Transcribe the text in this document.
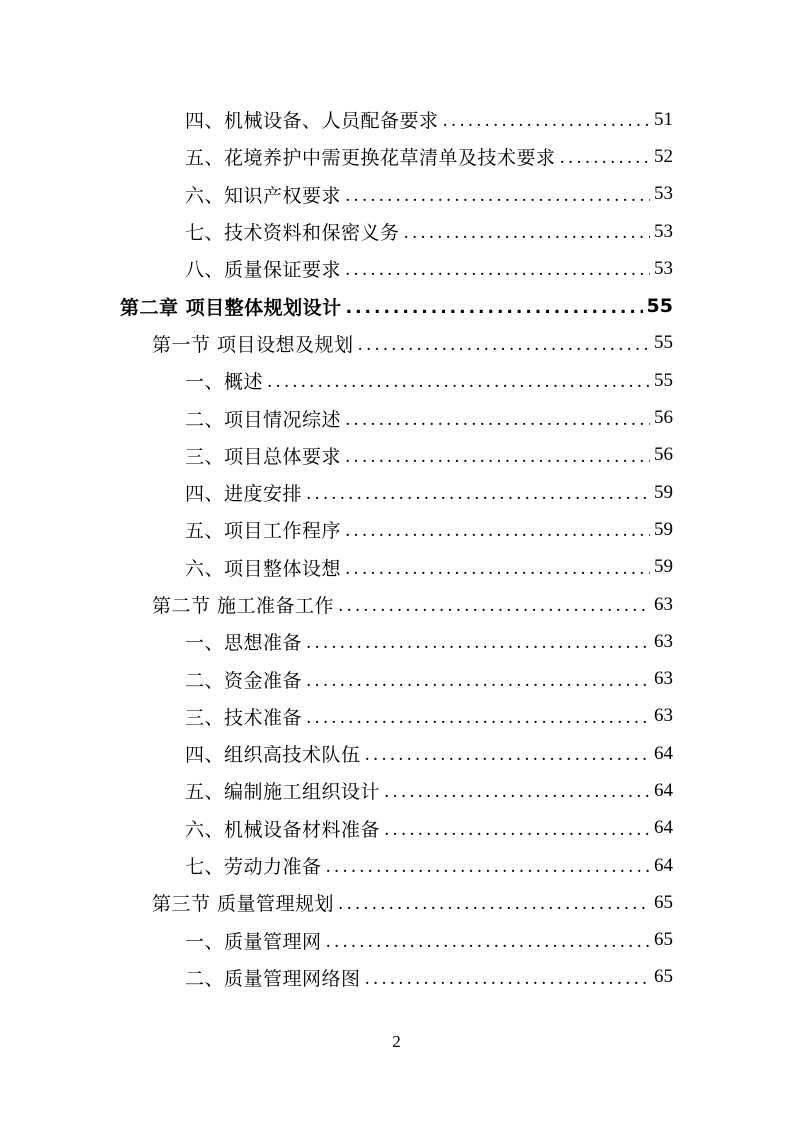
四、机械设备、人员配备要求 .....	51
五、花境养护中需更换花草清单及技术要求 .....	52
六、知识产权要求 .....	53
七、技术资料和保密义务 .....	53
八、质量保证要求 .....	53
第二章 项目整体规划设计 .....	55
第一节 项目设想及规划 .....	55
一、概述 .....	55
二、项目情况综述 .....	56
三、项目总体要求 .....	56
四、进度安排 .....	59
五、项目工作程序 .....	59
六、项目整体设想 .....	59
第二节 施工准备工作 .....	63
一、思想准备 .....	63
二、资金准备 .....	63
三、技术准备 .....	63
四、组织高技术队伍 .....	64
五、编制施工组织设计 .....	64
六、机械设备材料准备 .....	64
七、劳动力准备 .....	64
第三节 质量管理规划 .....	65
一、质量管理网 .....	65
二、质量管理网络图 .....	65
2
